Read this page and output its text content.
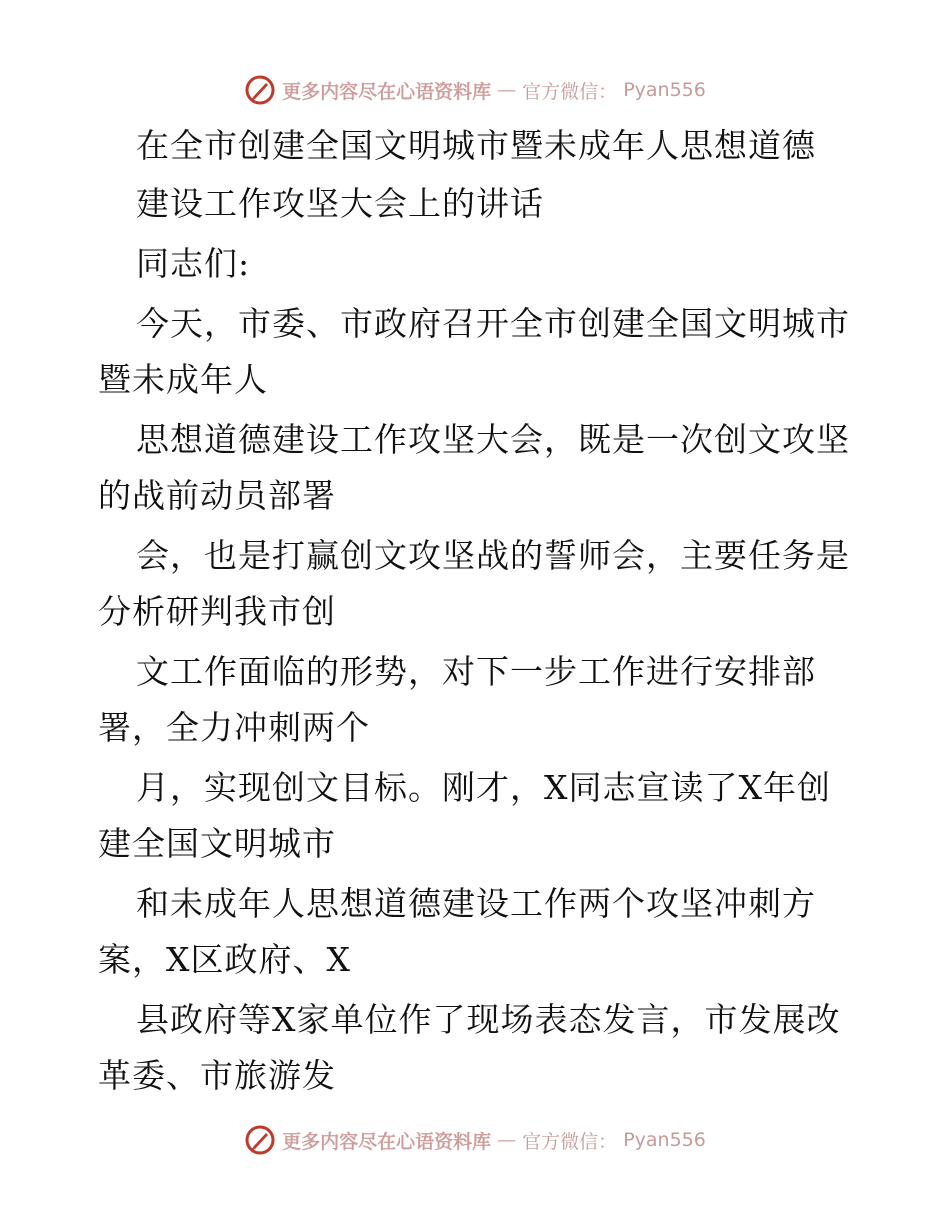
更多内容尽在心语资料库 — 官方微信： Pyan556
在全市创建全国文明城市暨未成年人思想道德
建设工作攻坚大会上的讲话
同志们:
今天，市委、市政府召开全市创建全国文明城市
暨未成年人
思想道德建设工作攻坚大会，既是一次创文攻坚
的战前动员部署
会，也是打赢创文攻坚战的誓师会，主要任务是
分析研判我市创
文工作面临的形势，对下一步工作进行安排部
署，全力冲刺两个
月，实现创文目标。刚才，X同志宣读了X年创
建全国文明城市
和未成年人思想道德建设工作两个攻坚冲刺方
案，X区政府、X
县政府等X家单位作了现场表态发言，市发展改
革委、市旅游发
更多内容尽在心语资料库 — 官方微信： Pyan556
